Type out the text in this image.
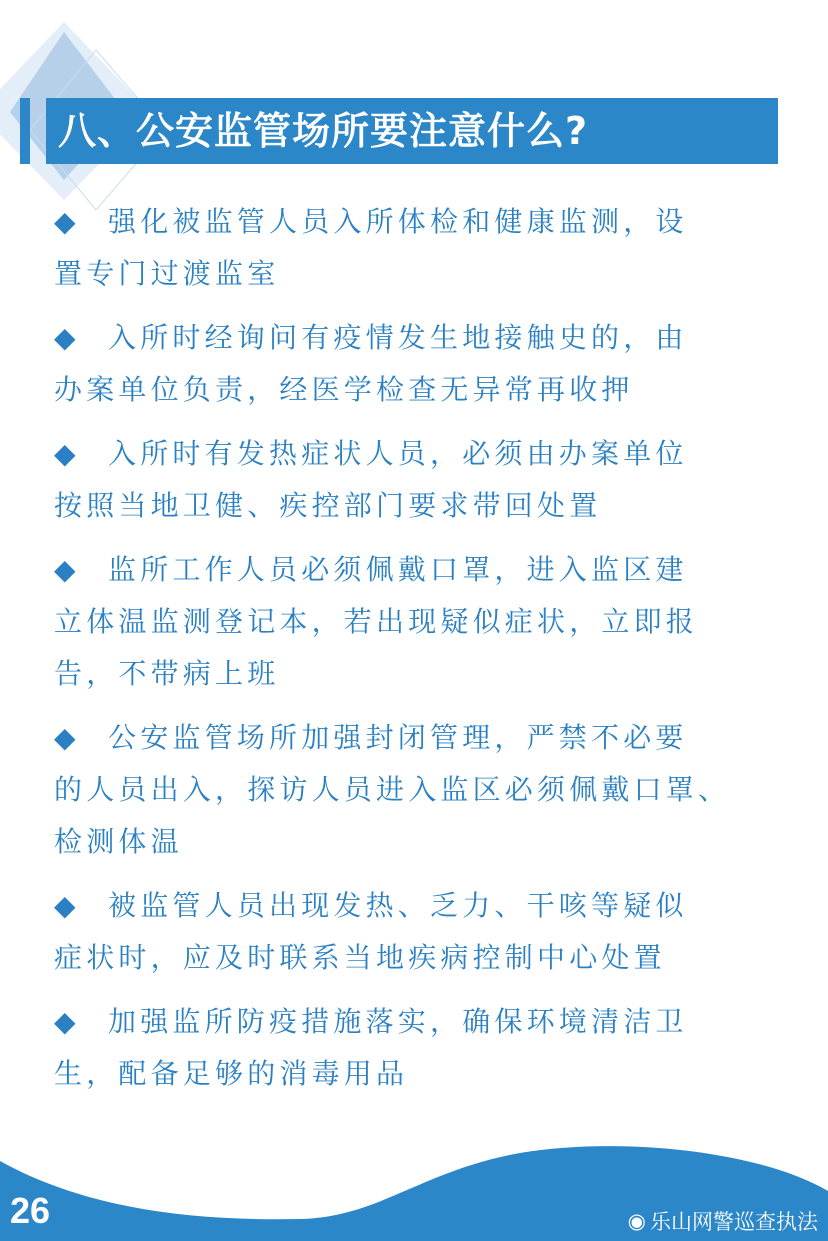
八、公安监管场所要注意什么?
◆ 强化被监管人员入所体检和健康监测，设
置专门过渡监室
◆ 入所时经询问有疫情发生地接触史的，由
办案单位负责，经医学检查无异常再收押
◆ 入所时有发热症状人员，必须由办案单位
按照当地卫健、疾控部门要求带回处置
◆ 监所工作人员必须佩戴口罩，进入监区建
立体温监测登记本，若出现疑似症状，立即报
告，不带病上班
◆ 公安监管场所加强封闭管理，严禁不必要
的人员出入，探访人员进入监区必须佩戴口罩、
检测体温
◆ 被监管人员出现发热、乏力、干咳等疑似
症状时，应及时联系当地疾病控制中心处置
◆ 加强监所防疫措施落实，确保环境清洁卫
生，配备足够的消毒用品
26	◉ 乐山网警巡查执法
